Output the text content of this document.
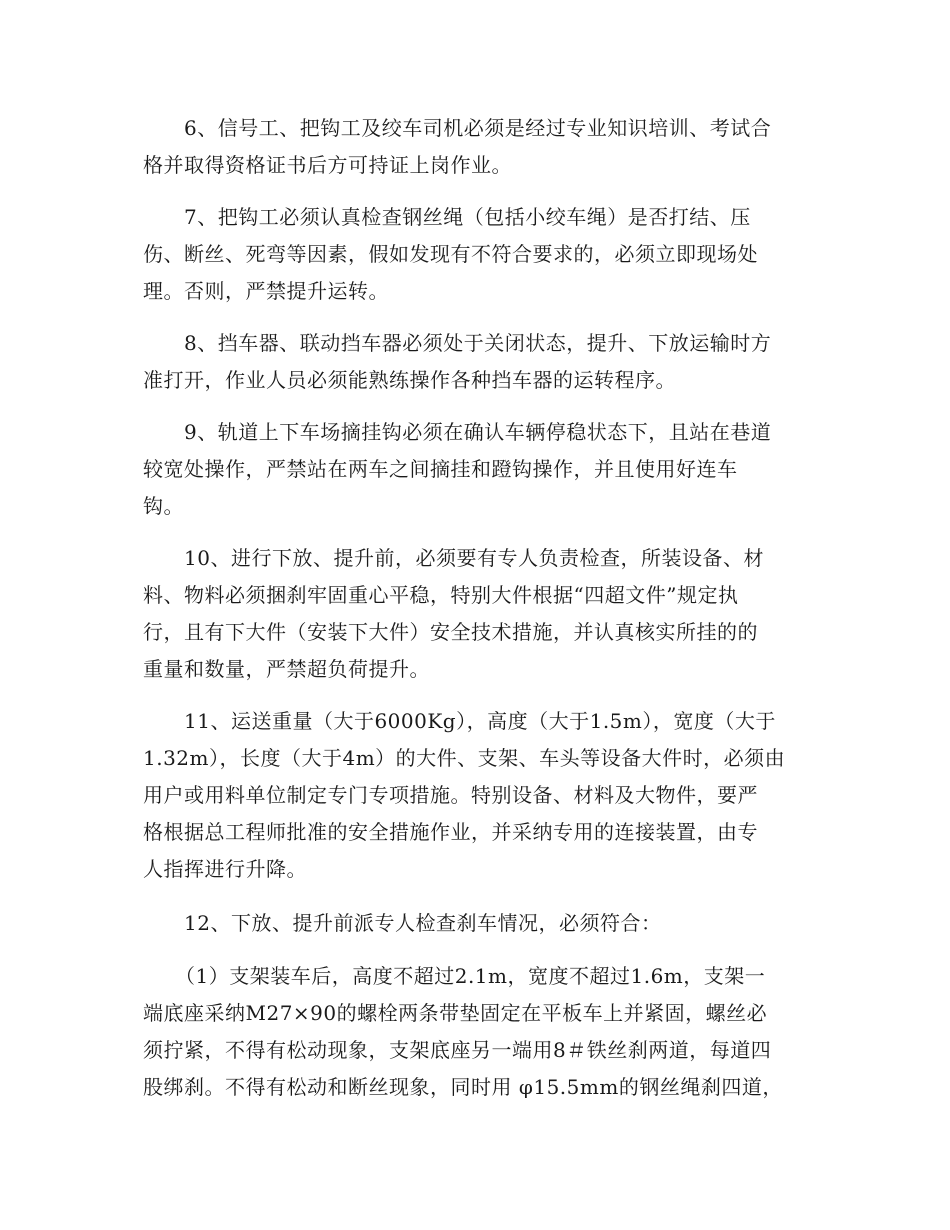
6、信号工、把钩工及绞车司机必须是经过专业知识培训、考试合
格并取得资格证书后方可持证上岗作业。
7、把钩工必须认真检查钢丝绳（包括小绞车绳）是否打结、压
伤、断丝、死弯等因素，假如发现有不符合要求的，必须立即现场处
理。否则，严禁提升运转。
8、挡车器、联动挡车器必须处于关闭状态，提升、下放运输时方
准打开，作业人员必须能熟练操作各种挡车器的运转程序。
9、轨道上下车场摘挂钩必须在确认车辆停稳状态下，且站在巷道
较宽处操作，严禁站在两车之间摘挂和蹬钩操作，并且使用好连车
钩。
10、进行下放、提升前，必须要有专人负责检查，所装设备、材
料、物料必须捆刹牢固重心平稳，特别大件根据“四超文件”规定执
行，且有下大件（安装下大件）安全技术措施，并认真核实所挂的的
重量和数量，严禁超负荷提升。
11、运送重量（大于6000Kg），高度（大于1.5m），宽度（大于
1.32m），长度（大于4m）的大件、支架、车头等设备大件时，必须由
用户或用料单位制定专门专项措施。特别设备、材料及大物件，要严
格根据总工程师批准的安全措施作业，并采纳专用的连接装置，由专
人指挥进行升降。
12、下放、提升前派专人检查刹车情况，必须符合：
（1）支架装车后，高度不超过2.1m，宽度不超过1.6m，支架一
端底座采纳M27×90的螺栓两条带垫固定在平板车上并紧固，螺丝必
须拧紧，不得有松动现象，支架底座另一端用8＃铁丝刹两道，每道四
股绑刹。不得有松动和断丝现象，同时用 φ15.5mm的钢丝绳刹四道，
